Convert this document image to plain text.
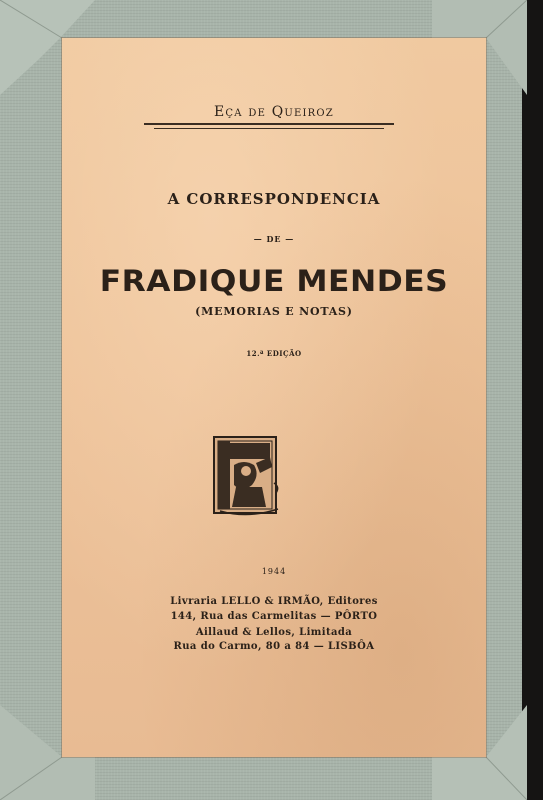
Eça de Queiroz
A CORRESPONDENCIA
— DE —
FRADIQUE MENDES
(MEMORIAS E NOTAS)
12.ª EDIÇÃO
1944
Livraria LELLO & IRMÃO, Editores
144, Rua das Carmelitas — PÔRTO
Aillaud & Lellos, Limitada
Rua do Carmo, 80 a 84 — LISBÔA
